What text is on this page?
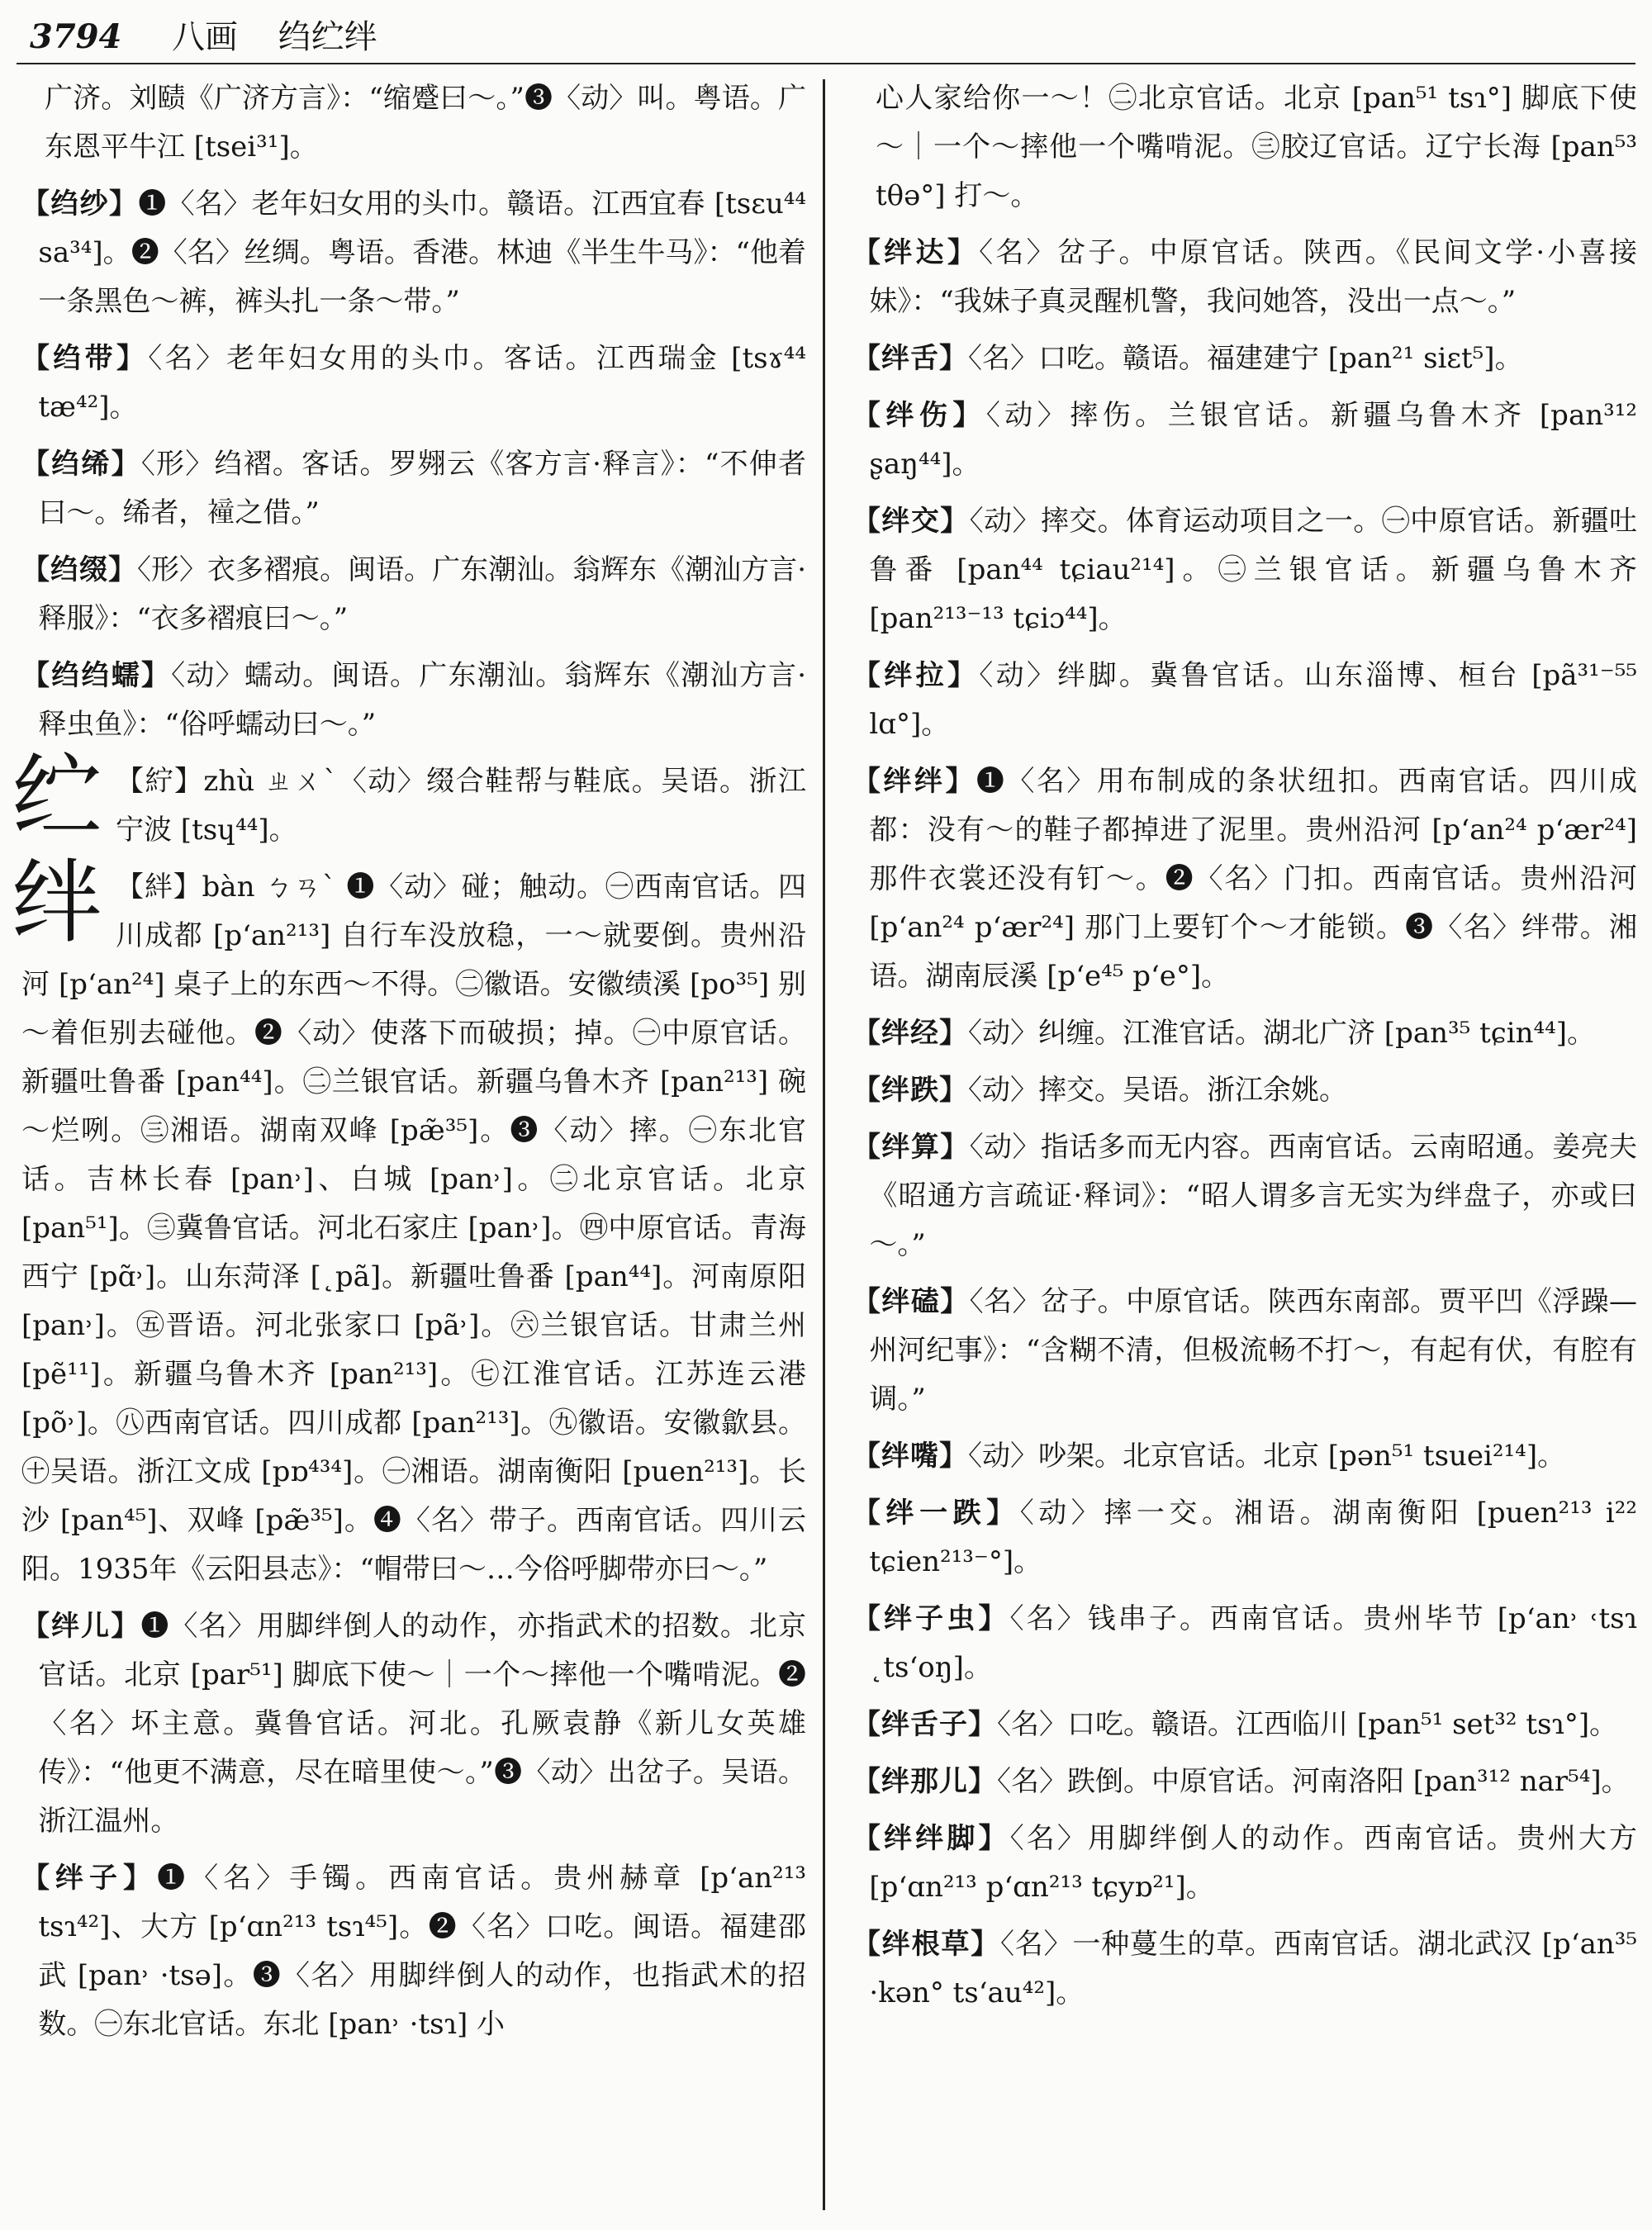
3794 八画 绉纻绊
广济。刘赜《广济方言》：“缩蹙曰～。”❸〈动〉叫。粤语。广东恩平牛江 [tsei³¹]。
【绉纱】❶〈名〉老年妇女用的头巾。赣语。江西宜春 [tsɛu⁴⁴ sa³⁴]。❷〈名〉丝绸。粤语。香港。林迪《半生牛马》：“他着一条黑色～裤，裤头扎一条～带。”
【绉带】〈名〉老年妇女用的头巾。客话。江西瑞金 [tsɤ⁴⁴ tæ⁴²]。
【绉𫄨】〈形〉绉褶。客话。罗翙云《客方言·释言》：“不伸者曰～。𫄨者，𧝎之借。”
【绉缀】〈形〉衣多褶痕。闽语。广东潮汕。翁辉东《潮汕方言·释服》：“衣多褶痕曰～。”
【绉绉蠕】〈动〉蠕动。闽语。广东潮汕。翁辉东《潮汕方言·释虫鱼》：“俗呼蠕动曰～。”
纻 【紵】zhù ㄓㄨˋ〈动〉缀合鞋帮与鞋底。吴语。浙江宁波 [tsɥ⁴⁴]。
绊 【絆】bàn ㄅㄢˋ ❶〈动〉碰；触动。㊀西南官话。四川成都 [p‘an²¹³] 自行车没放稳，一～就要倒。贵州沿河 [p‘an²⁴] 桌子上的东西～不得。㊁徽语。安徽绩溪 [po³⁵] 别～着佢别去碰他。❷〈动〉使落下而破损；掉。㊀中原官话。新疆吐鲁番 [pan⁴⁴]。㊁兰银官话。新疆乌鲁木齐 [pan²¹³] 碗～烂咧。㊂湘语。湖南双峰 [pæ̃³⁵]。❸〈动〉摔。㊀东北官话。吉林长春 [pan˒]、白城 [pan˒]。㊁北京官话。北京 [pan⁵¹]。㊂冀鲁官话。河北石家庄 [pan˒]。㊃中原官话。青海西宁 [pɑ̃˒]。山东菏泽 [˛pã]。新疆吐鲁番 [pan⁴⁴]。河南原阳 [pan˒]。㊄晋语。河北张家口 [pã˒]。㊅兰银官话。甘肃兰州 [pẽ¹¹]。新疆乌鲁木齐 [pan²¹³]。㊆江淮官话。江苏连云港 [põ˒]。㊇西南官话。四川成都 [pan²¹³]。㊈徽语。安徽歙县。㊉吴语。浙江文成 [pɒ⁴³⁴]。㊀湘语。湖南衡阳 [puen²¹³]。长沙 [pan⁴⁵]、双峰 [pæ̃³⁵]。❹〈名〉带子。西南官话。四川云阳。1935年《云阳县志》：“帽带曰～…今俗呼脚带亦曰～。”
【绊儿】❶〈名〉用脚绊倒人的动作，亦指武术的招数。北京官话。北京 [par⁵¹] 脚底下使～｜一个～摔他一个嘴啃泥。❷〈名〉坏主意。冀鲁官话。河北。孔厥袁静《新儿女英雄传》：“他更不满意，尽在暗里使～。”❸〈动〉出岔子。吴语。浙江温州。
【绊子】❶〈名〉手镯。西南官话。贵州赫章 [p‘an²¹³ tsɿ⁴²]、大方 [p‘ɑn²¹³ tsɿ⁴⁵]。❷〈名〉口吃。闽语。福建邵武 [pan˒ ·tsə]。❸〈名〉用脚绊倒人的动作，也指武术的招数。㊀东北官话。东北 [pan˒ ·tsɿ] 小
心人家给你一～！㊁北京官话。北京 [pan⁵¹ tsɿ°] 脚底下使～｜一个～摔他一个嘴啃泥。㊂胶辽官话。辽宁长海 [pan⁵³ tθə°] 打～。
【绊达】〈名〉岔子。中原官话。陕西。《民间文学·小喜接妹》：“我妹子真灵醒机警，我问她答，没出一点～。”
【绊舌】〈名〉口吃。赣语。福建建宁 [pan²¹ siɛt⁵]。
【绊伤】〈动〉摔伤。兰银官话。新疆乌鲁木齐 [pan³¹² ʂaŋ⁴⁴]。
【绊交】〈动〉摔交。体育运动项目之一。㊀中原官话。新疆吐鲁番 [pan⁴⁴ tɕiau²¹⁴]。㊁兰银官话。新疆乌鲁木齐 [pan²¹³⁻¹³ tɕiɔ⁴⁴]。
【绊拉】〈动〉绊脚。冀鲁官话。山东淄博、桓台 [pã³¹⁻⁵⁵ lɑ°]。
【绊绊】❶〈名〉用布制成的条状纽扣。西南官话。四川成都：没有～的鞋子都掉进了泥里。贵州沿河 [p‘an²⁴ p‘ær²⁴] 那件衣裳还没有钉～。❷〈名〉门扣。西南官话。贵州沿河 [p‘an²⁴ p‘ær²⁴] 那门上要钉个～才能锁。❸〈名〉绊带。湘语。湖南辰溪 [p‘e⁴⁵ p‘e°]。
【绊经】〈动〉纠缠。江淮官话。湖北广济 [pan³⁵ tɕin⁴⁴]。
【绊跌】〈动〉摔交。吴语。浙江余姚。
【绊算】〈动〉指话多而无内容。西南官话。云南昭通。姜亮夫《昭通方言疏证·释词》：“昭人谓多言无实为绊盘子，亦或曰～。”
【绊磕】〈名〉岔子。中原官话。陕西东南部。贾平凹《浮躁—州河纪事》：“含糊不清，但极流畅不打～，有起有伏，有腔有调。”
【绊嘴】〈动〉吵架。北京官话。北京 [pən⁵¹ tsuei²¹⁴]。
【绊一跌】〈动〉摔一交。湘语。湖南衡阳 [puen²¹³ i²² tɕien²¹³⁻°]。
【绊子虫】〈名〉钱串子。西南官话。贵州毕节 [p‘an˒ ˓tsɿ ˛ts‘oŋ]。
【绊舌子】〈名〉口吃。赣语。江西临川 [pan⁵¹ set³² tsɿ°]。
【绊那儿】〈名〉跌倒。中原官话。河南洛阳 [pan³¹² nar⁵⁴]。
【绊绊脚】〈名〉用脚绊倒人的动作。西南官话。贵州大方 [p‘ɑn²¹³ p‘ɑn²¹³ tɕyɒ²¹]。
【绊根草】〈名〉一种蔓生的草。西南官话。湖北武汉 [p‘an³⁵ ·kən° ts‘au⁴²]。
